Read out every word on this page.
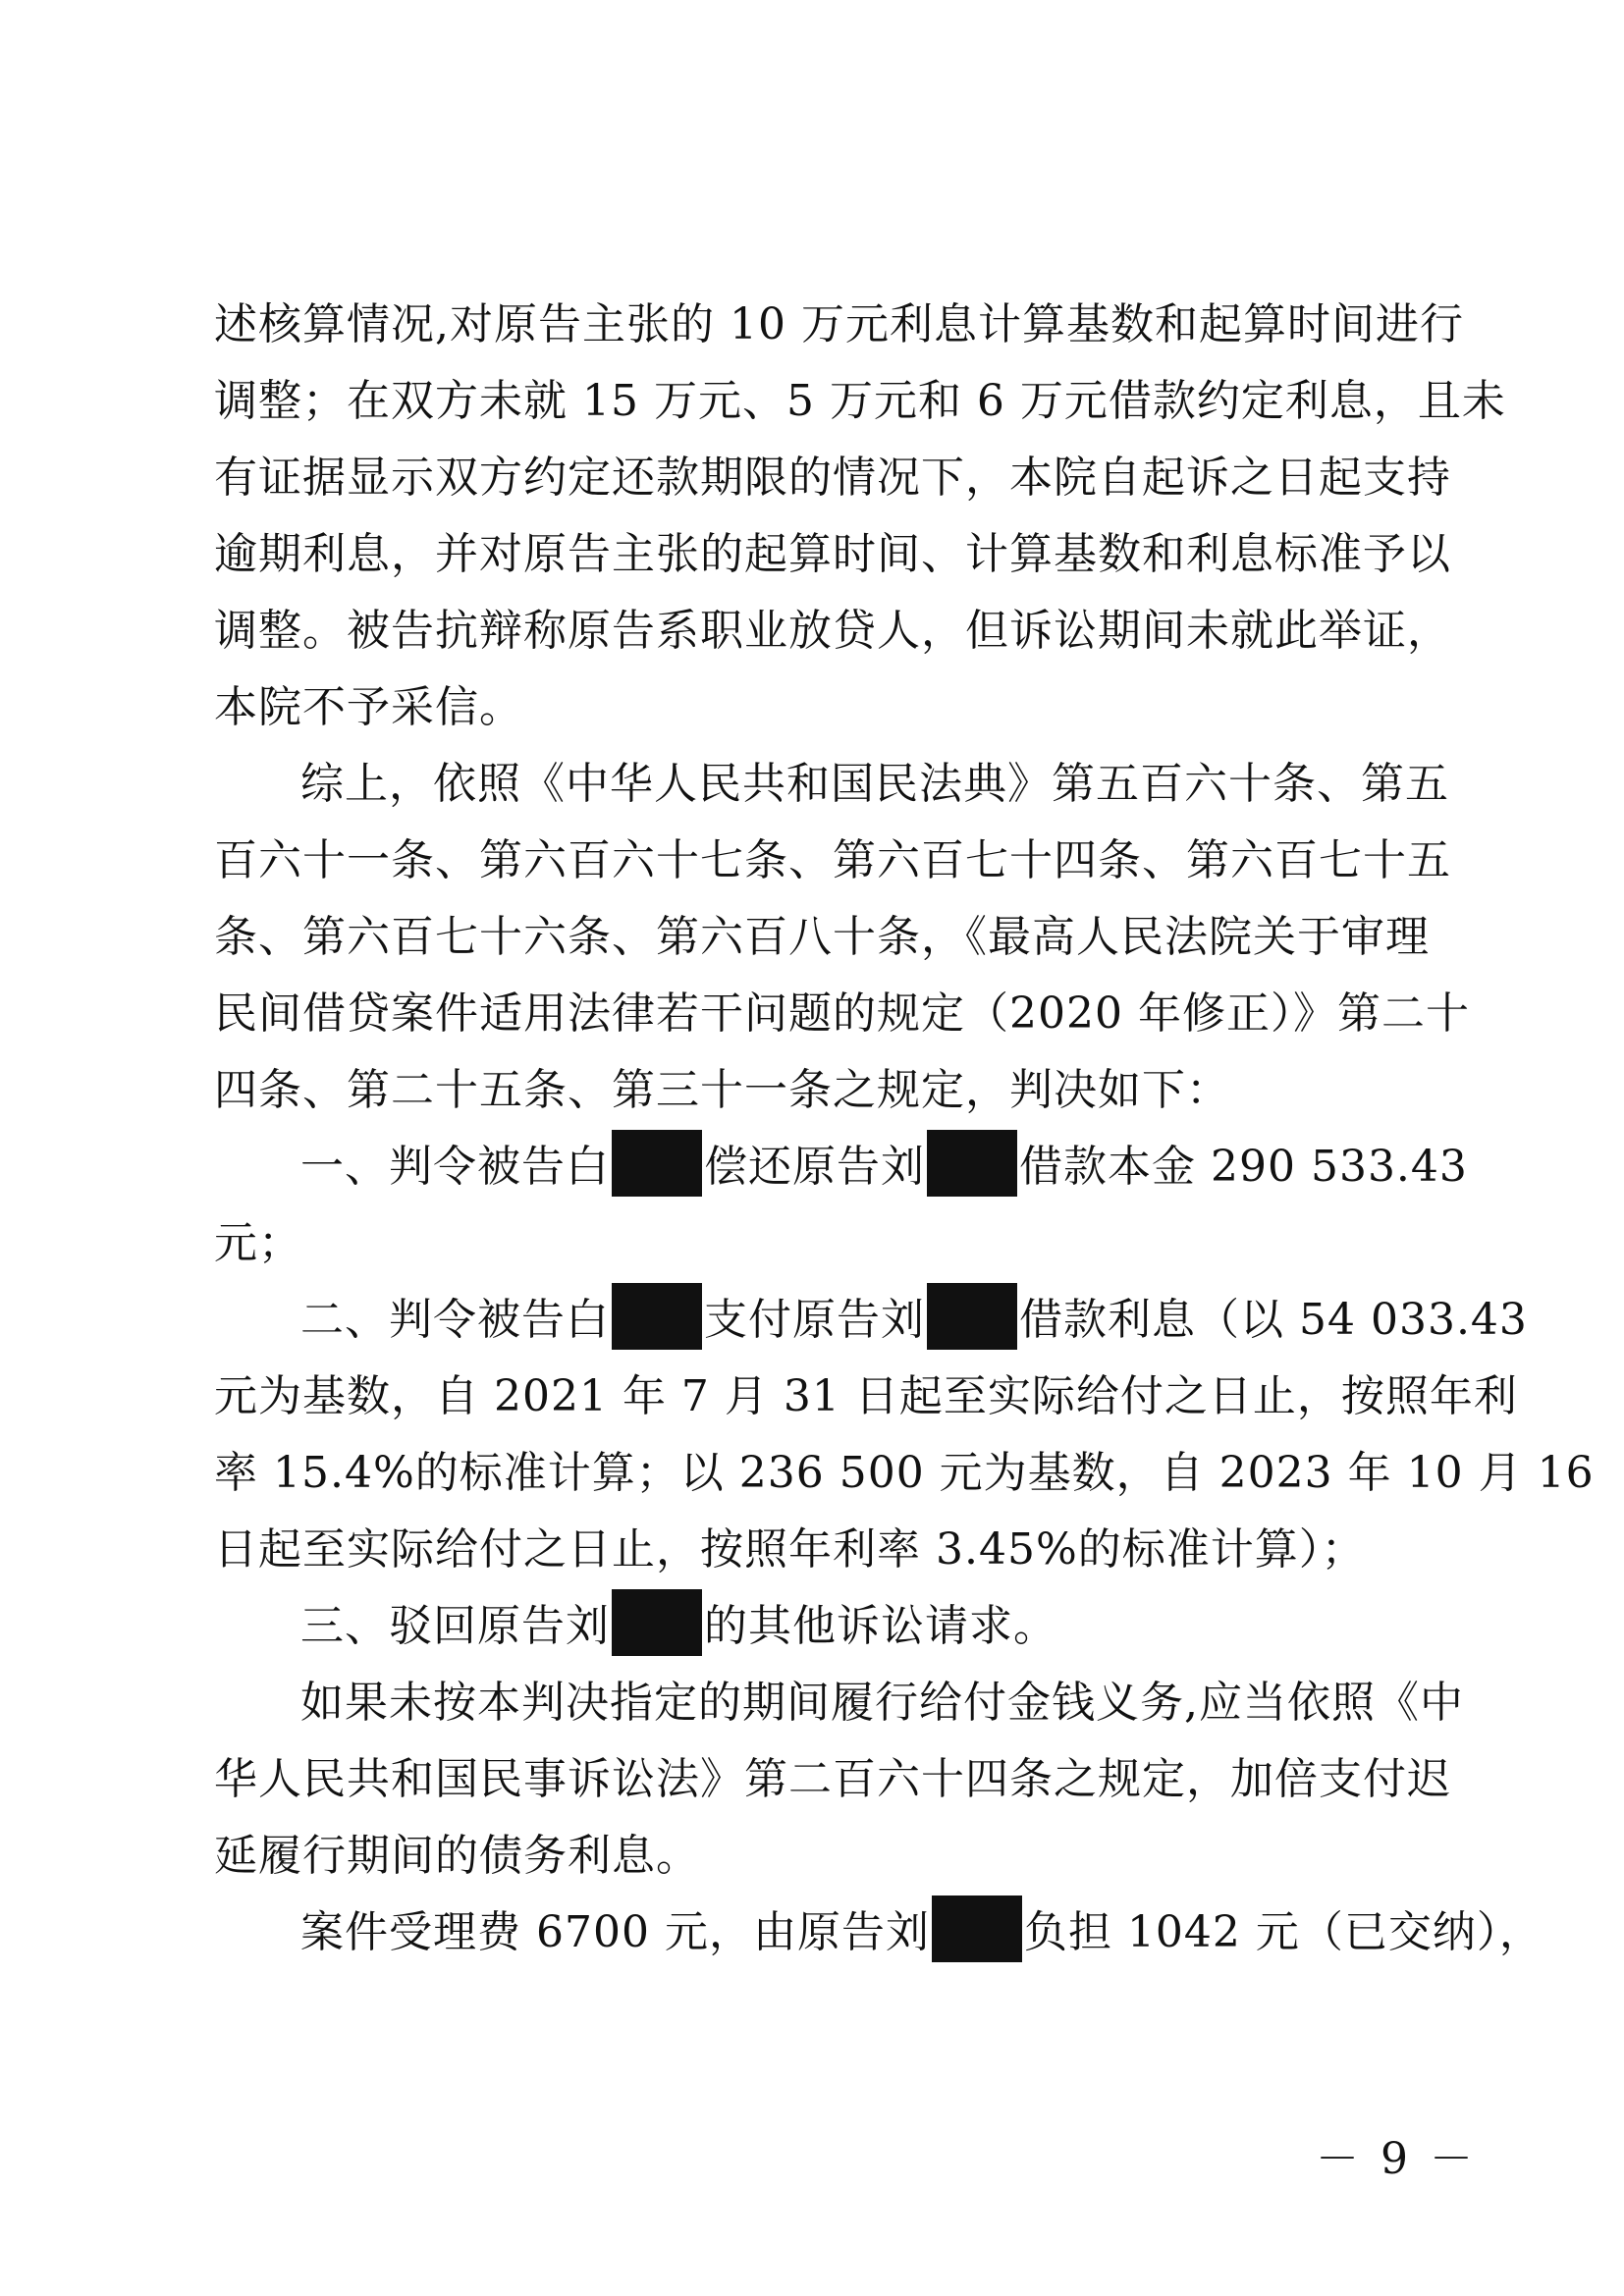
述核算情况,对原告主张的 10 万元利息计算基数和起算时间进行
调整；在双方未就 15 万元、5 万元和 6 万元借款约定利息，且未
有证据显示双方约定还款期限的情况下，本院自起诉之日起支持
逾期利息，并对原告主张的起算时间、计算基数和利息标准予以
调整。被告抗辩称原告系职业放贷人，但诉讼期间未就此举证，
本院不予采信。
综上，依照《中华人民共和国民法典》第五百六十条、第五
百六十一条、第六百六十七条、第六百七十四条、第六百七十五
条、第六百七十六条、第六百八十条，《最高人民法院关于审理
民间借贷案件适用法律若干问题的规定（2020 年修正）》第二十
四条、第二十五条、第三十一条之规定，判决如下：
一、判令被告白 偿还原告刘 借款本金 290 533.43
元；
二、判令被告白 支付原告刘 借款利息（以 54 033.43
元为基数，自 2021 年 7 月 31 日起至实际给付之日止，按照年利
率 15.4%的标准计算；以 236 500 元为基数，自 2023 年 10 月 16
日起至实际给付之日止，按照年利率 3.45%的标准计算）；
三、驳回原告刘 的其他诉讼请求。
如果未按本判决指定的期间履行给付金钱义务,应当依照《中
华人民共和国民事诉讼法》第二百六十四条之规定，加倍支付迟
延履行期间的债务利息。
案件受理费 6700 元，由原告刘 负担 1042 元（已交纳），
－ 9 －
